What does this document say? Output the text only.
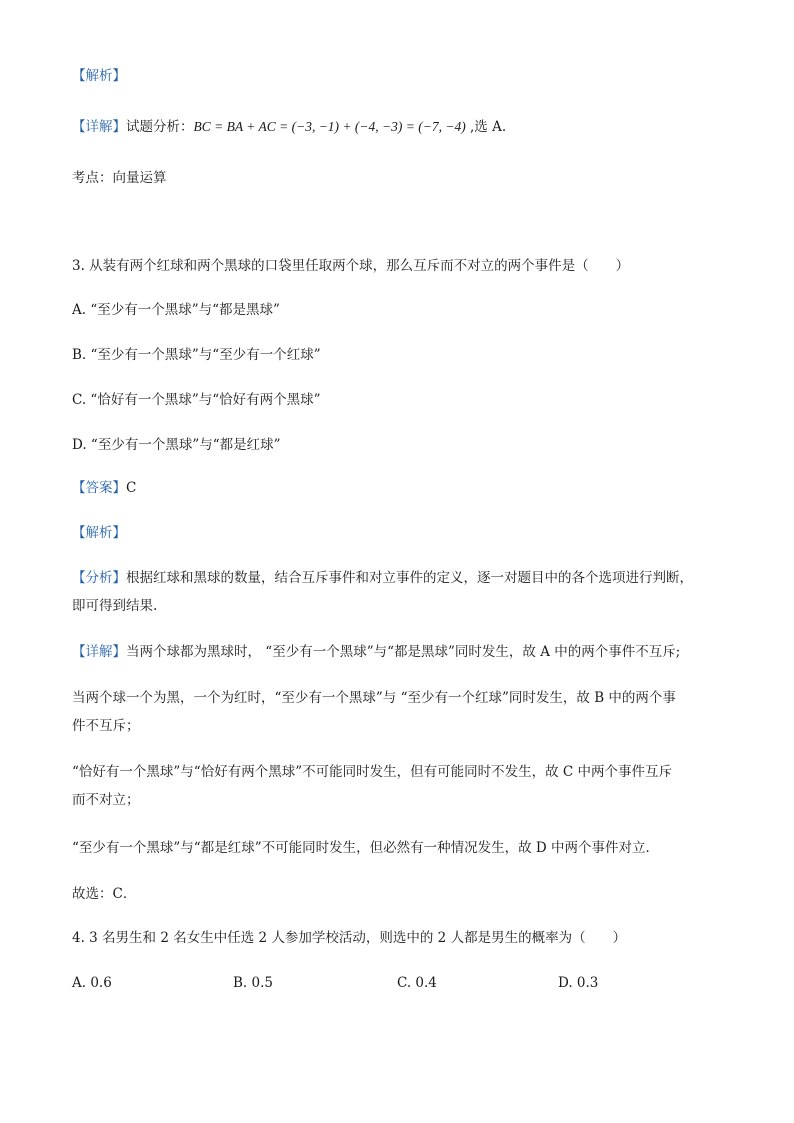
【解析】
【详解】试题分析：BC = BA + AC = (−3, −1) + (−4, −3) = (−7, −4) ,选 A.
考点：向量运算
3. 从装有两个红球和两个黑球的口袋里任取两个球，那么互斥而不对立的两个事件是（　　）
A. “至少有一个黑球”与“都是黑球”
B. “至少有一个黑球”与“至少有一个红球”
C. “恰好有一个黑球”与“恰好有两个黑球”
D. “至少有一个黑球”与“都是红球”
【答案】C
【解析】
【分析】根据红球和黑球的数量，结合互斥事件和对立事件的定义，逐一对题目中的各个选项进行判断，
即可得到结果.
【详解】当两个球都为黑球时， “至少有一个黑球”与“都是黑球”同时发生，故 A 中的两个事件不互斥;
当两个球一个为黑，一个为红时，“至少有一个黑球”与 “至少有一个红球”同时发生，故 B 中的两个事
件不互斥；
“恰好有一个黑球”与“恰好有两个黑球”不可能同时发生，但有可能同时不发生，故 C 中两个事件互斥
而不对立；
“至少有一个黑球”与“都是红球”不可能同时发生，但必然有一种情况发生，故 D 中两个事件对立．
故选：C．
4. 3 名男生和 2 名女生中任选 2 人参加学校活动，则选中的 2 人都是男生的概率为（　　）
A. 0.6	B. 0.5	C. 0.4	D. 0.3
